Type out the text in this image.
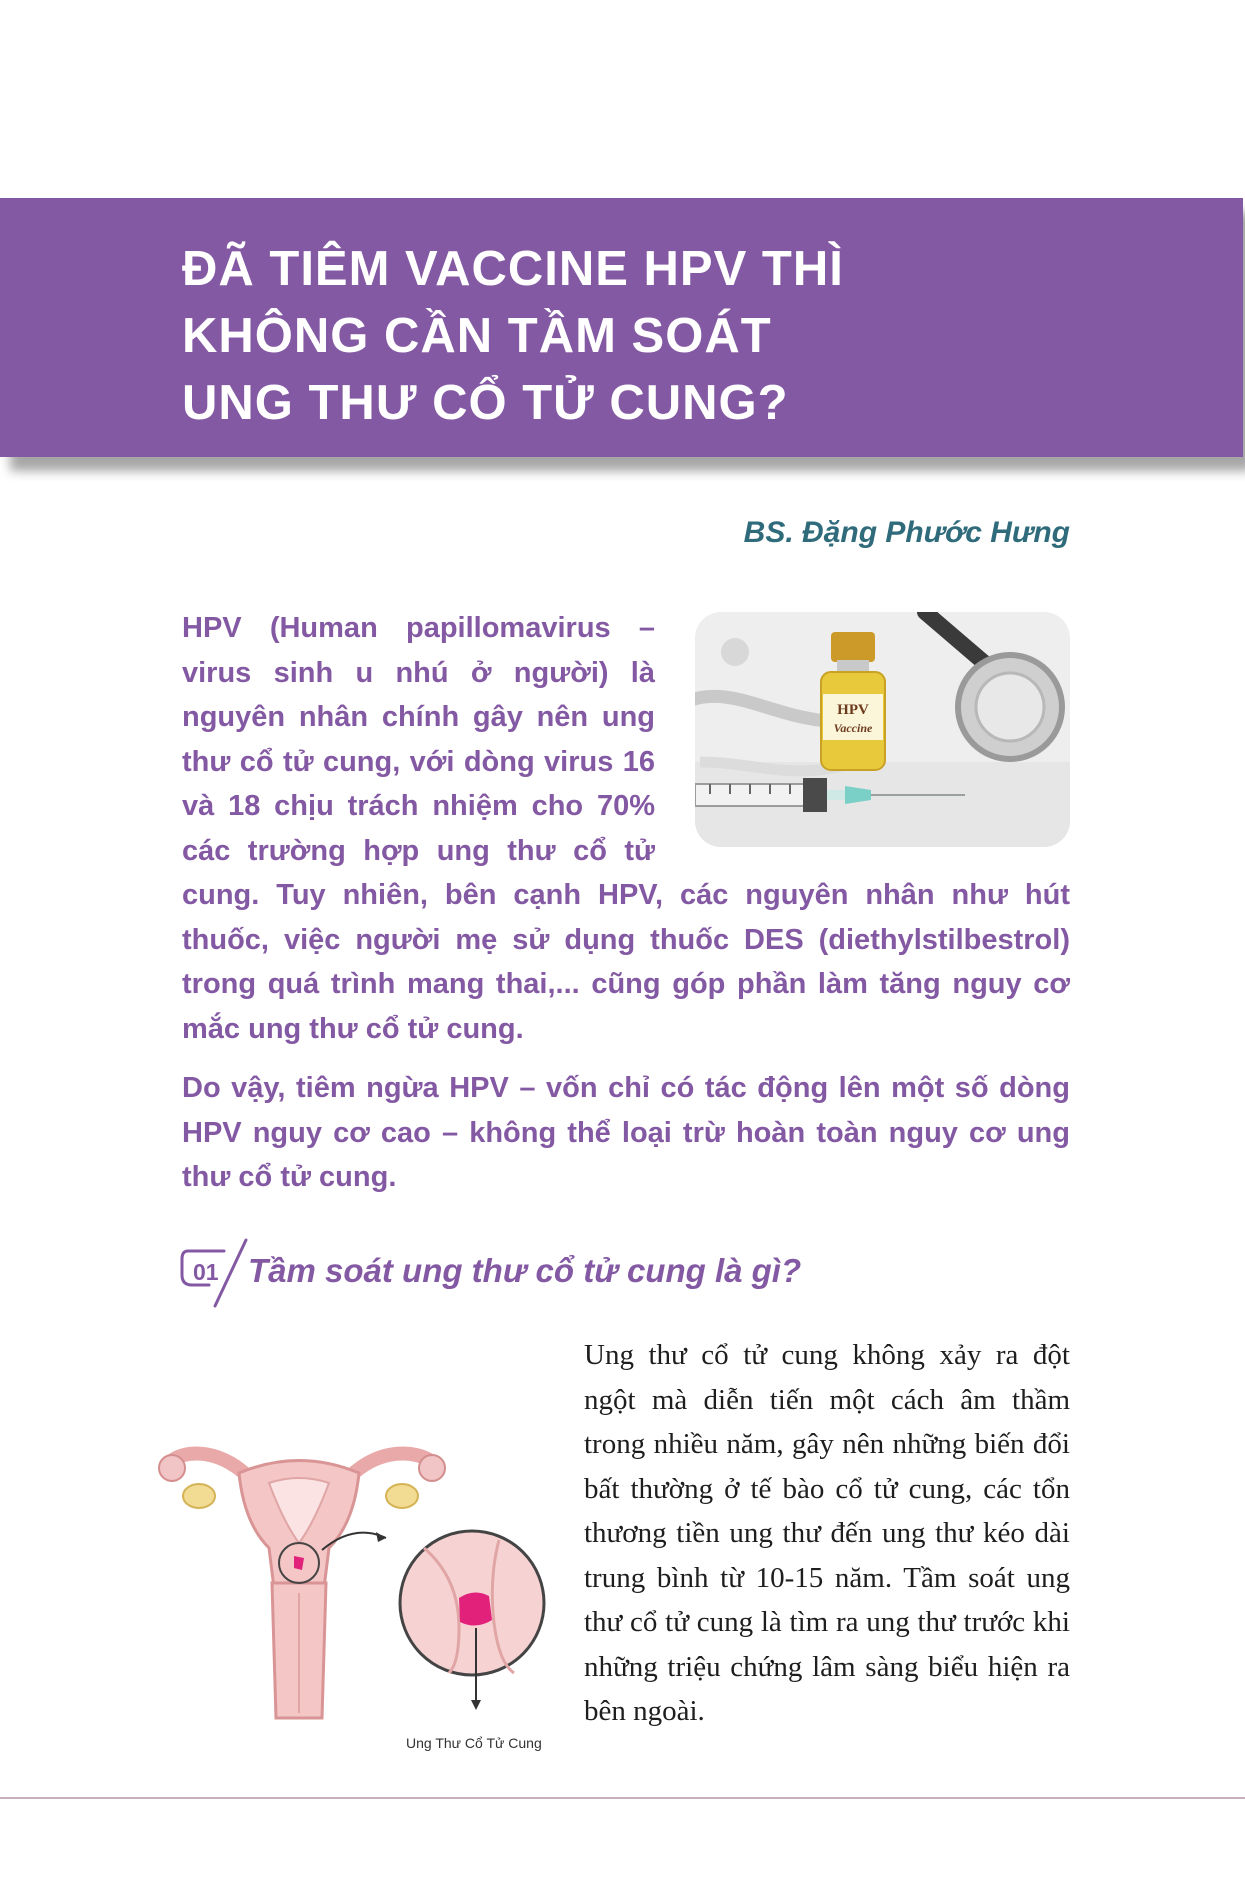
ĐÃ TIÊM VACCINE HPV THÌ
KHÔNG CẦN TẦM SOÁT
UNG THƯ CỔ TỬ CUNG?
BS. Đặng Phước Hưng

HPV
Vaccine
HPV (Human papillomavirus – virus sinh u nhú ở người) là nguyên nhân chính gây nên ung thư cổ tử cung, với dòng virus 16 và 18 chịu trách nhiệm cho 70% các trường hợp ung thư cổ tử cung. Tuy nhiên, bên cạnh HPV, các nguyên nhân như hút thuốc, việc người mẹ sử dụng thuốc DES (diethylstilbestrol) trong quá trình mang thai,... cũng góp phần làm tăng nguy cơ mắc ung thư cổ tử cung.

Do vậy, tiêm ngừa HPV – vốn chỉ có tác động lên một số dòng HPV nguy cơ cao – không thể loại trừ hoàn toàn nguy cơ ung thư cổ tử cung.

01 Tầm soát ung thư cổ tử cung là gì?

Ung Thư Cổ Tử Cung
Ung thư cổ tử cung không xảy ra đột ngột mà diễn tiến một cách âm thầm trong nhiều năm, gây nên những biến đổi bất thường ở tế bào cổ tử cung, các tổn thương tiền ung thư đến ung thư kéo dài trung bình từ 10-15 năm. Tầm soát ung thư cổ tử cung là tìm ra ung thư trước khi những triệu chứng lâm sàng biểu hiện ra bên ngoài.
